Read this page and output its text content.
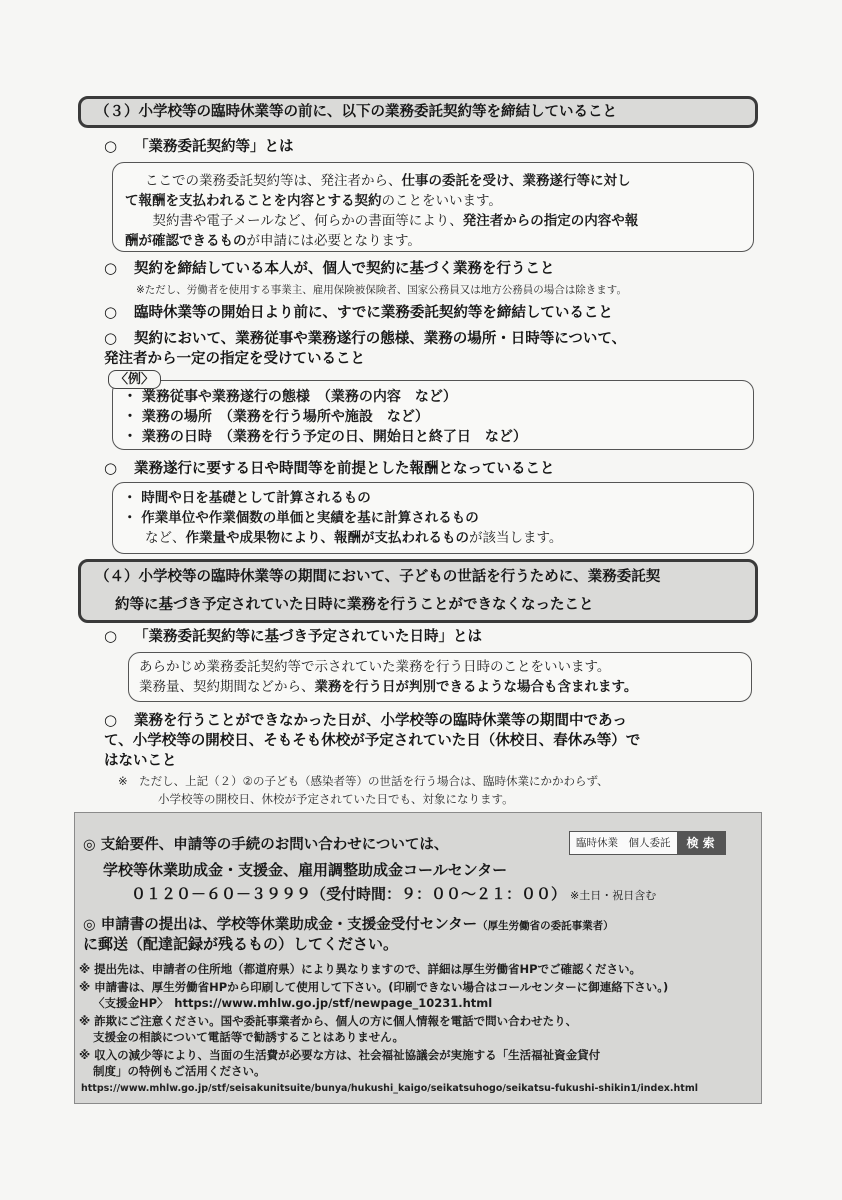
（３）小学校等の臨時休業等の前に、以下の業務委託契約等を締結していること
○ 「業務委託契約等」とは
ここでの業務委託契約等は、発注者から、仕事の委託を受け、業務遂行等に対し
て報酬を支払われることを内容とする契約のことをいいます。
　契約書や電子メールなど、何らかの書面等により、発注者からの指定の内容や報
酬が確認できるものが申請には必要となります。
○ 契約を締結している本人が、個人で契約に基づく業務を行うこと
※ただし、労働者を使用する事業主、雇用保険被保険者、国家公務員又は地方公務員の場合は除きます。
○ 臨時休業等の開始日より前に、すでに業務委託契約等を締結していること
○ 契約において、業務従事や業務遂行の態様、業務の場所・日時等について、
発注者から一定の指定を受けていること
・ 業務従事や業務遂行の態様　（業務の内容　など）
・ 業務の場所　（業務を行う場所や施設　など）
・ 業務の日時　（業務を行う予定の日、開始日と終了日　など）
〈例〉
○ 業務遂行に要する日や時間等を前提とした報酬となっていること
・ 時間や日を基礎として計算されるもの
・ 作業単位や作業個数の単価と実績を基に計算されるもの
など、作業量や成果物により、報酬が支払われるものが該当します。
（４）小学校等の臨時休業等の期間において、子どもの世話を行うために、業務委託契
約等に基づき予定されていた日時に業務を行うことができなくなったこと
○ 「業務委託契約等に基づき予定されていた日時」とは
あらかじめ業務委託契約等で示されていた業務を行う日時のことをいいます。
業務量、契約期間などから、業務を行う日が判別できるような場合も含まれます。
○ 業務を行うことができなかった日が、小学校等の臨時休業等の期間中であっ
て、小学校等の開校日、そもそも休校が予定されていた日（休校日、春休み等）で
はないこと
※　ただし、上記（２）②の子ども（感染者等）の世話を行う場合は、臨時休業にかかわらず、
小学校等の開校日、休校が予定されていた日でも、対象になります。
◎ 支給要件、申請等の手続のお問い合わせについては、	臨時休業　個人委託	検 索
学校等休業助成金・支援金、雇用調整助成金コールセンター
０１２０－６０－３９９９（受付時間：９：００～２１：００） ※土日・祝日含む
◎ 申請書の提出は、学校等休業助成金・支援金受付センター（厚生労働省の委託事業者）
に郵送（配達記録が残るもの）してください。
※ 提出先は、申請者の住所地（都道府県）により異なりますので、詳細は厚生労働省HPでご確認ください。
※ 申請書は、厚生労働省HPから印刷して使用して下さい。(印刷できない場合はコールセンターに御連絡下さい。)
〈支援金HP〉　https://www.mhlw.go.jp/stf/newpage_10231.html
※ 詐欺にご注意ください。国や委託事業者から、個人の方に個人情報を電話で問い合わせたり、
支援金の相談について電話等で勧誘することはありません。
※ 収入の減少等により、当面の生活費が必要な方は、社会福祉協議会が実施する「生活福祉資金貸付
制度」の特例もご活用ください。
https://www.mhlw.go.jp/stf/seisakunitsuite/bunya/hukushi_kaigo/seikatsuhogo/seikatsu-fukushi-shikin1/index.html
